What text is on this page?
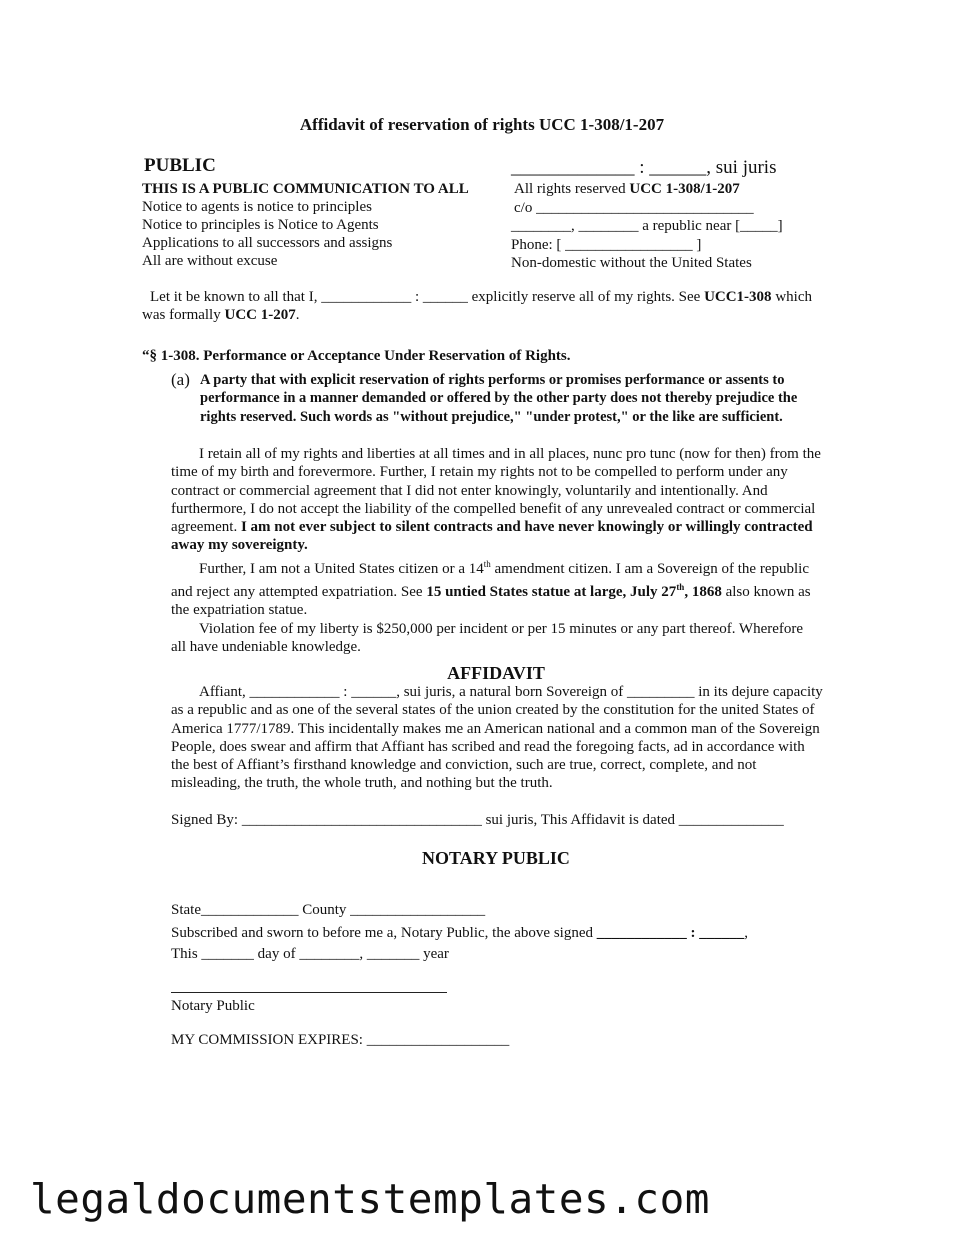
Affidavit of reservation of rights UCC 1-308/1-207
PUBLIC
THIS IS A PUBLIC COMMUNICATION TO ALL
Notice to agents is notice to principles
Notice to principles is Notice to Agents
Applications to all successors and assigns
All are without excuse
_____________ : ______, sui juris
All rights reserved UCC 1-308/1-207
c/o _____________________________
________, ________ a republic near [_____]
Phone: [ _________________ ]
Non-domestic without the United States
Let it be known to all that I, ____________ : ______ explicitly reserve all of my rights. See UCC1-308 which was formally UCC 1-207.
“§ 1-308. Performance or Acceptance Under Reservation of Rights.
(a) A party that with explicit reservation of rights performs or promises performance or assents to performance in a manner demanded or offered by the other party does not thereby prejudice the rights reserved. Such words as "without prejudice," "under protest," or the like are sufficient.
I retain all of my rights and liberties at all times and in all places, nunc pro tunc (now for then) from the time of my birth and forevermore. Further, I retain my rights not to be compelled to perform under any contract or commercial agreement that I did not enter knowingly, voluntarily and intentionally. And furthermore, I do not accept the liability of the compelled benefit of any unrevealed contract or commercial agreement. I am not ever subject to silent contracts and have never knowingly or willingly contracted away my sovereignty.
Further, I am not a United States citizen or a 14th amendment citizen. I am a Sovereign of the republic and reject any attempted expatriation. See 15 untied States statue at large, July 27th, 1868 also known as the expatriation statue.
Violation fee of my liberty is $250,000 per incident or per 15 minutes or any part thereof. Wherefore all have undeniable knowledge.
AFFIDAVIT
Affiant, ____________ : ______, sui juris, a natural born Sovereign of _________ in its dejure capacity as a republic and as one of the several states of the union created by the constitution for the united States of America 1777/1789. This incidentally makes me an American national and a common man of the Sovereign People, does swear and affirm that Affiant has scribed and read the foregoing facts, ad in accordance with the best of Affiant’s firsthand knowledge and conviction, such are true, correct, complete, and not misleading, the truth, the whole truth, and nothing but the truth.
Signed By: ________________________________ sui juris, This Affidavit is dated ______________
NOTARY PUBLIC
State_____________ County __________________
Subscribed and sworn to before me a, Notary Public, the above signed ____________ : ______,
This _______ day of ________, _______ year
Notary Public
MY COMMISSION EXPIRES: ___________________
legaldocumentstemplates.com
